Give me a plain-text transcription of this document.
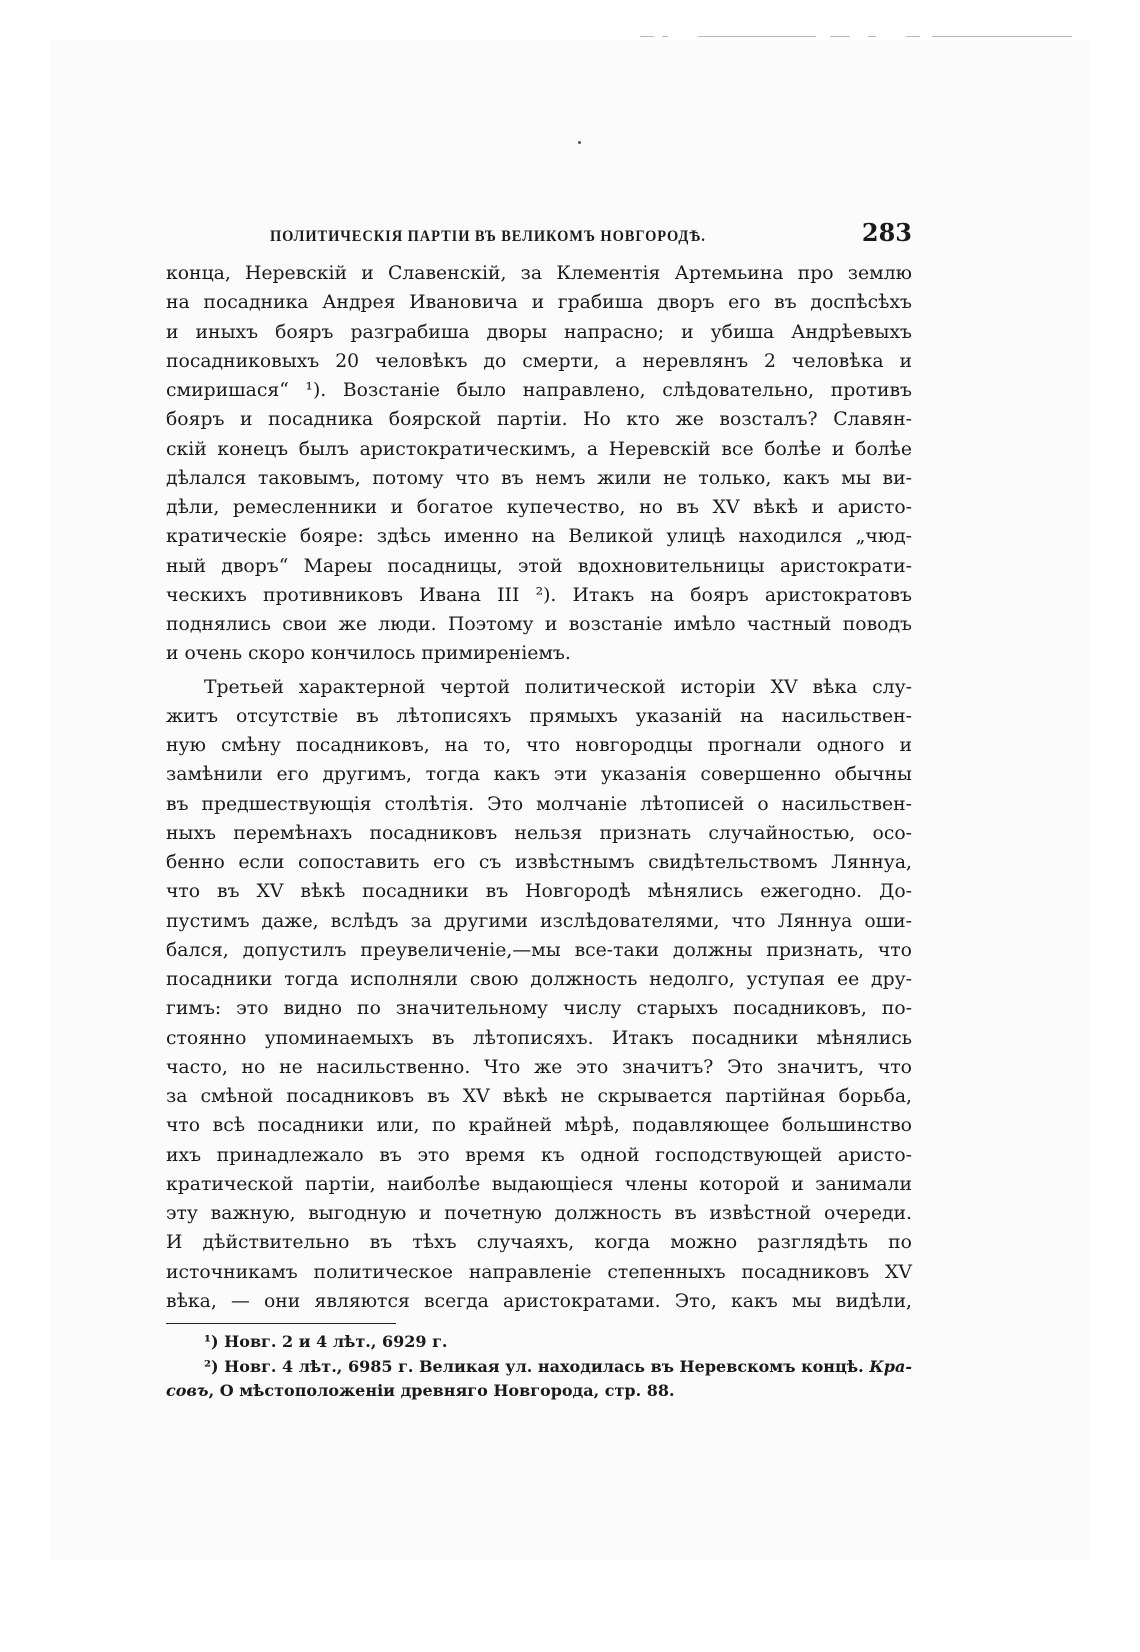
ПОЛИТИЧЕСКІЯ ПАРТІИ ВЪ ВЕЛИКОМЪ НОВГОРОДѢ.	283
конца, Неревскій и Славенскій, за Клементія Артемьина про землю
на посадника Андрея Ивановича и грабиша дворъ его въ доспѣсѣхъ
и иныхъ бояръ разграбиша дворы напрасно; и убиша Андрѣевыхъ
посадниковыхъ 20 человѣкъ до смерти, а неревлянъ 2 человѣка и
смиришася“ ¹). Возстаніе было направлено, слѣдовательно, противъ
бояръ и посадника боярской партіи. Но кто же возсталъ? Славян-
скій конецъ былъ аристократическимъ, а Неревскій все болѣе и болѣе
дѣлался таковымъ, потому что въ немъ жили не только, какъ мы ви-
дѣли, ремесленники и богатое купечество, но въ XV вѣкѣ и аристо-
кратическіе бояре: здѣсь именно на Великой улицѣ находился „чюд-
ный дворъ“ Мареы посадницы, этой вдохновительницы аристократи-
ческихъ противниковъ Ивана III ²). Итакъ на бояръ аристократовъ
поднялись свои же люди. Поэтому и возстаніе имѣло частный поводъ
и очень скоро кончилось примиреніемъ.
Третьей характерной чертой политической исторіи XV вѣка слу-
житъ отсутствіе въ лѣтописяхъ прямыхъ указаній на насильствен-
ную смѣну посадниковъ, на то, что новгородцы прогнали одного и
замѣнили его другимъ, тогда какъ эти указанія совершенно обычны
въ предшествующія столѣтія. Это молчаніе лѣтописей о насильствен-
ныхъ перемѣнахъ посадниковъ нельзя признать случайностью, осо-
бенно если сопоставить его съ извѣстнымъ свидѣтельствомъ Ляннуа,
что въ XV вѣкѣ посадники въ Новгородѣ мѣнялись ежегодно. До-
пустимъ даже, вслѣдъ за другими изслѣдователями, что Ляннуа оши-
бался, допустилъ преувеличеніе,—мы все-таки должны признать, что
посадники тогда исполняли свою должность недолго, уступая ее дру-
гимъ: это видно по значительному числу старыхъ посадниковъ, по-
стоянно упоминаемыхъ въ лѣтописяхъ. Итакъ посадники мѣнялись
часто, но не насильственно. Что же это значитъ? Это значитъ, что
за смѣной посадниковъ въ XV вѣкѣ не скрывается партійная борьба,
что всѣ посадники или, по крайней мѣрѣ, подавляющее большинство
ихъ принадлежало въ это время къ одной господствующей аристо-
кратической партіи, наиболѣе выдающіеся члены которой и занимали
эту важную, выгодную и почетную должность въ извѣстной очереди.
И дѣйствительно въ тѣхъ случаяхъ, когда можно разглядѣть по
источникамъ политическое направленіе степенныхъ посадниковъ XV
вѣка, — они являются всегда аристократами. Это, какъ мы видѣли,
¹) Новг. 2 и 4 лѣт., 6929 г.
²) Новг. 4 лѣт., 6985 г. Великая ул. находилась въ Неревскомъ концѣ. Кра-
совъ, О мѣстоположеніи древняго Новгорода, стр. 88.
